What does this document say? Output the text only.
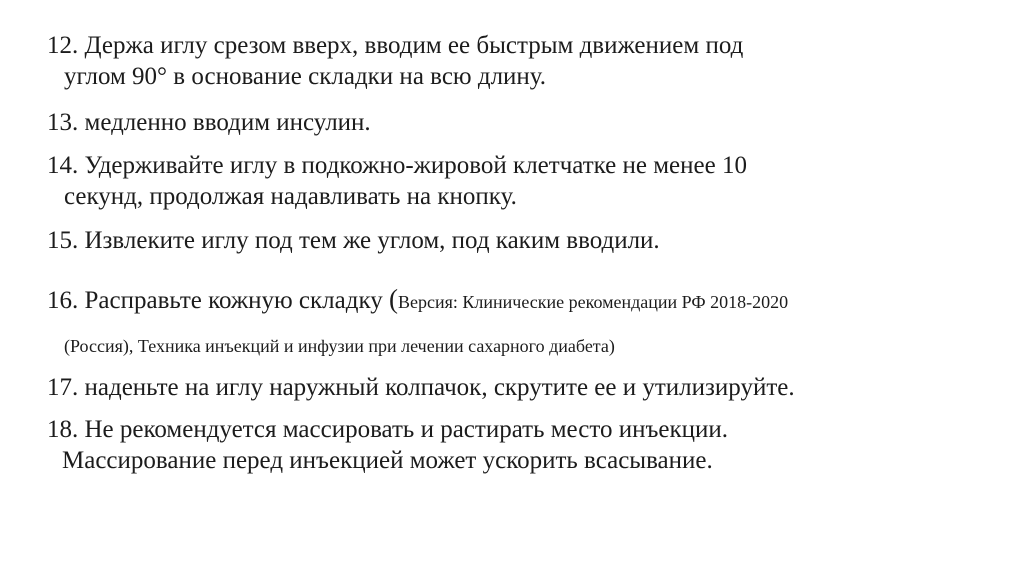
12. Держа иглу срезом вверх, вводим ее быстрым движением под
углом 90° в основание складки на всю длину.
13. медленно вводим инсулин.
14. Удерживайте иглу в подкожно-жировой клетчатке не менее 10
секунд, продолжая надавливать на кнопку.
15. Извлеките иглу под тем же углом, под каким вводили.
16. Расправьте кожную складку (Версия: Клинические рекомендации РФ 2018-2020
(Россия), Техника инъекций и инфузии при лечении сахарного диабета)
17. наденьте на иглу наружный колпачок, скрутите ее и утилизируйте.
18. Не рекомендуется массировать и растирать место инъекции.
Массирование перед инъекцией может ускорить всасывание.
